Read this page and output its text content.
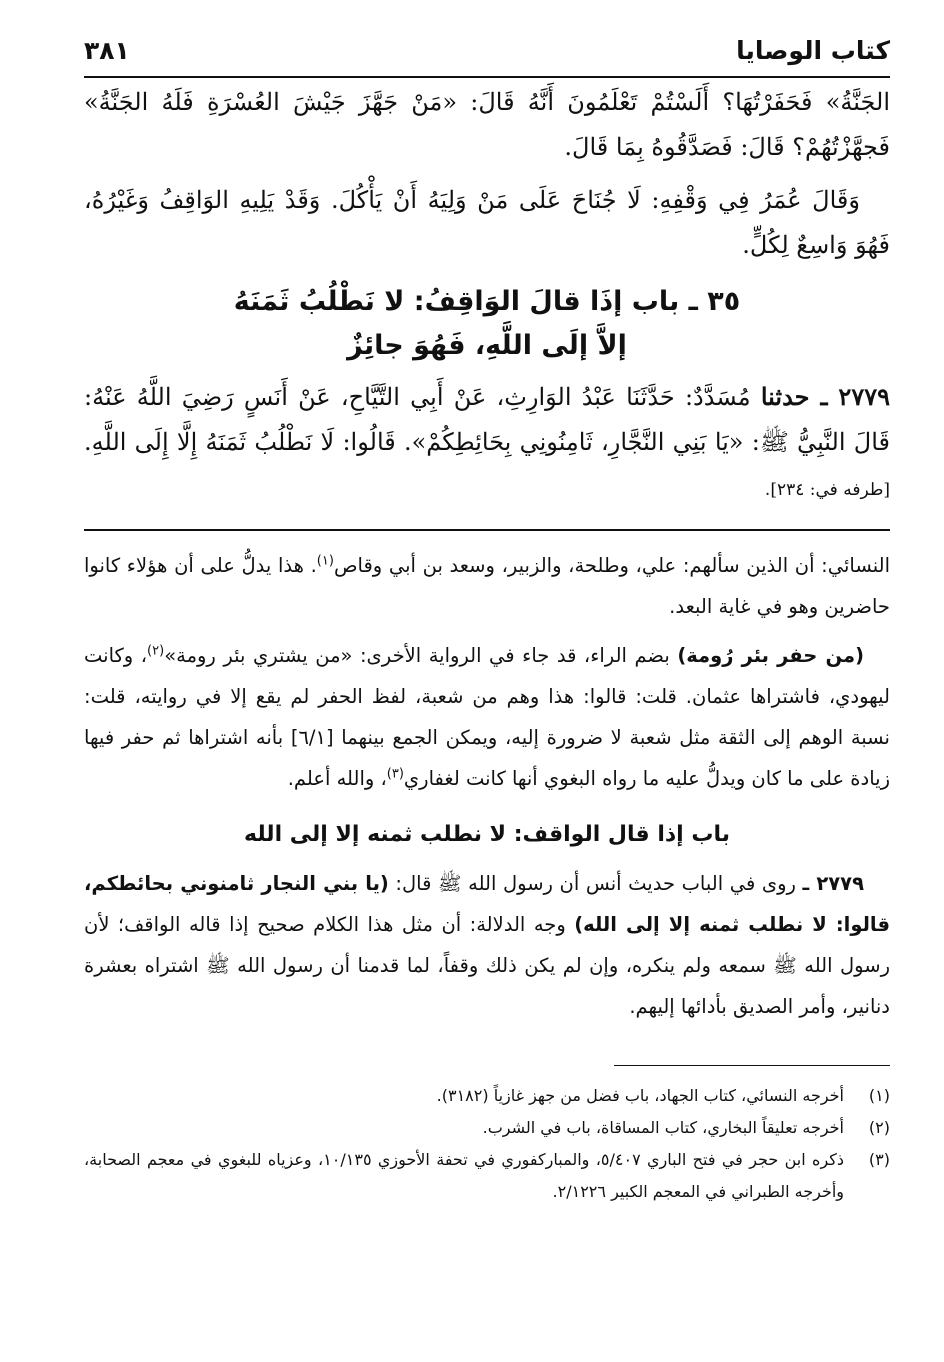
كتاب الوصايا
٣٨١

الجَنَّةُ» فَحَفَرْتُهَا؟ أَلَسْتُمْ تَعْلَمُونَ أَنَّهُ قَالَ: «مَنْ جَهَّزَ جَيْشَ العُسْرَةِ فَلَهُ الجَنَّةُ» فَجهَّزْتُهُمْ؟ قَالَ: فَصَدَّقُوهُ بِمَا قَالَ.

وَقَالَ عُمَرُ فِي وَقْفِهِ: لَا جُنَاحَ عَلَى مَنْ وَلِيَهُ أَنْ يَأْكُلَ. وَقَدْ يَلِيهِ الوَاقِفُ وَغَيْرُهُ، فَهُوَ وَاسِعٌ لِكُلٍّ.

٣٥ ـ باب إذَا قالَ الوَاقِفُ: لا نَطْلُبُ ثَمَنَهُ
إلاَّ إلَى اللَّهِ، فَهُوَ جائِزٌ

٢٧٧٩ ـ حدثنا مُسَدَّدٌ: حَدَّثَنَا عَبْدُ الوَارِثِ، عَنْ أَبِي التَّيَّاحِ، عَنْ أَنَسٍ رَضِيَ اللَّهُ عَنْهُ: قَالَ النَّبِيُّ ﷺ: «يَا بَنِي النَّجَّارِ، ثَامِنُونِي بِحَائِطِكُمْ». قَالُوا: لَا نَطْلُبُ ثَمَنَهُ إِلَّا إِلَى اللَّهِ. [طرفه في: ٢٣٤].

النسائي: أن الذين سألهم: علي، وطلحة، والزبير، وسعد بن أبي وقاص$^{(١)}$. هذا يدلُّ على أن هؤلاء كانوا حاضرين وهو في غاية البعد.

(من حفر بئر رُومة) بضم الراء، قد جاء في الرواية الأخرى: «من يشتري بئر رومة»$^{(٢)}$، وكانت ليهودي، فاشتراها عثمان. قلت: قالوا: هذا وهم من شعبة، لفظ الحفر لم يقع إلا في روايته، قلت: نسبة الوهم إلى الثقة مثل شعبة لا ضرورة إليه، ويمكن الجمع بينهما [٦/١] بأنه اشتراها ثم حفر فيها زيادة على ما كان ويدلُّ عليه ما رواه البغوي أنها كانت لغفاري$^{(٣)}$، والله أعلم.

باب إذا قال الواقف: لا نطلب ثمنه إلا إلى الله

٢٧٧٩ ـ روى في الباب حديث أنس أن رسول الله ﷺ قال: (يا بني النجار ثامنوني بحائطكم، قالوا: لا نطلب ثمنه إلا إلى الله) وجه الدلالة: أن مثل هذا الكلام صحيح إذا قاله الواقف؛ لأن رسول الله ﷺ سمعه ولم ينكره، وإن لم يكن ذلك وقفاً، لما قدمنا أن رسول الله ﷺ اشتراه بعشرة دنانير، وأمر الصديق بأدائها إليهم.

(١)
أخرجه النسائي، كتاب الجهاد، باب فضل من جهز غازياً (٣١٨٢).
(٢)
أخرجه تعليقاً البخاري، كتاب المساقاة، باب في الشرب.
(٣)
ذكره ابن حجر في فتح الباري ٥/٤٠٧، والمباركفوري في تحفة الأحوزي ١٠/١٣٥، وعزياه للبغوي في معجم الصحابة، وأخرجه الطبراني في المعجم الكبير ٢/١٢٢٦.
